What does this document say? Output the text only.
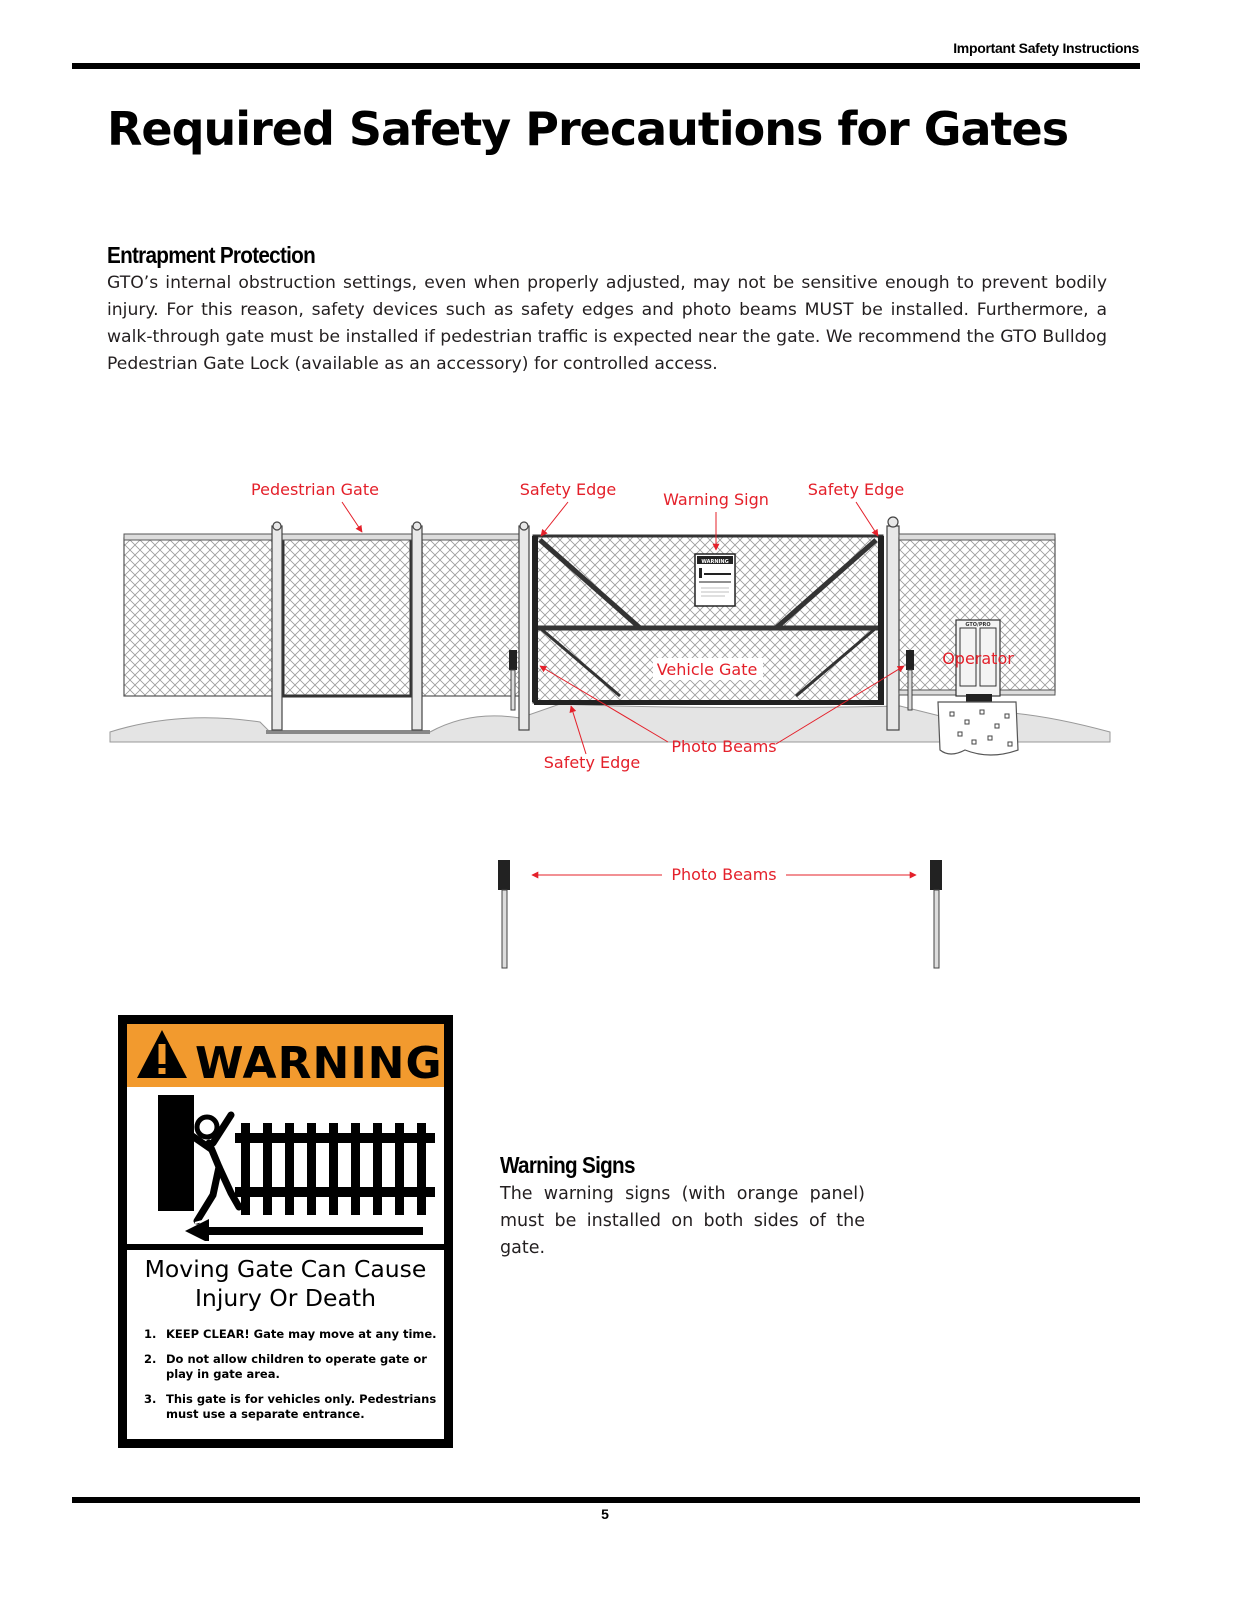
Important Safety Instructions
Required Safety Precautions for Gates
Entrapment Protection

GTO’s internal obstruction settings, even when properly adjusted, may not be sensitive enough to prevent bodily injury. For this reason, safety devices such as safety edges and photo beams MUST be installed. Furthermore, a walk-through gate must be installed if pedestrian traffic is expected near the gate. We recommend the GTO Bulldog Pedestrian Gate Lock (available as an accessory) for controlled access.

WARNING
GTO/PRO
Pedestrian Gate	Safety Edge
Warning Sign
Safety Edge
Vehicle Gate
Operator
Photo Beams
Safety Edge
Photo Beams
WARNING
Moving Gate Can Cause
Injury Or Death
1. KEEP CLEAR! Gate may move at any time.
2. Do not allow children to operate gate or play in gate area.
3. This gate is for vehicles only. Pedestrians must use a separate entrance.
Warning Signs

The warning signs (with orange panel) must be installed on both sides of the gate.

5
